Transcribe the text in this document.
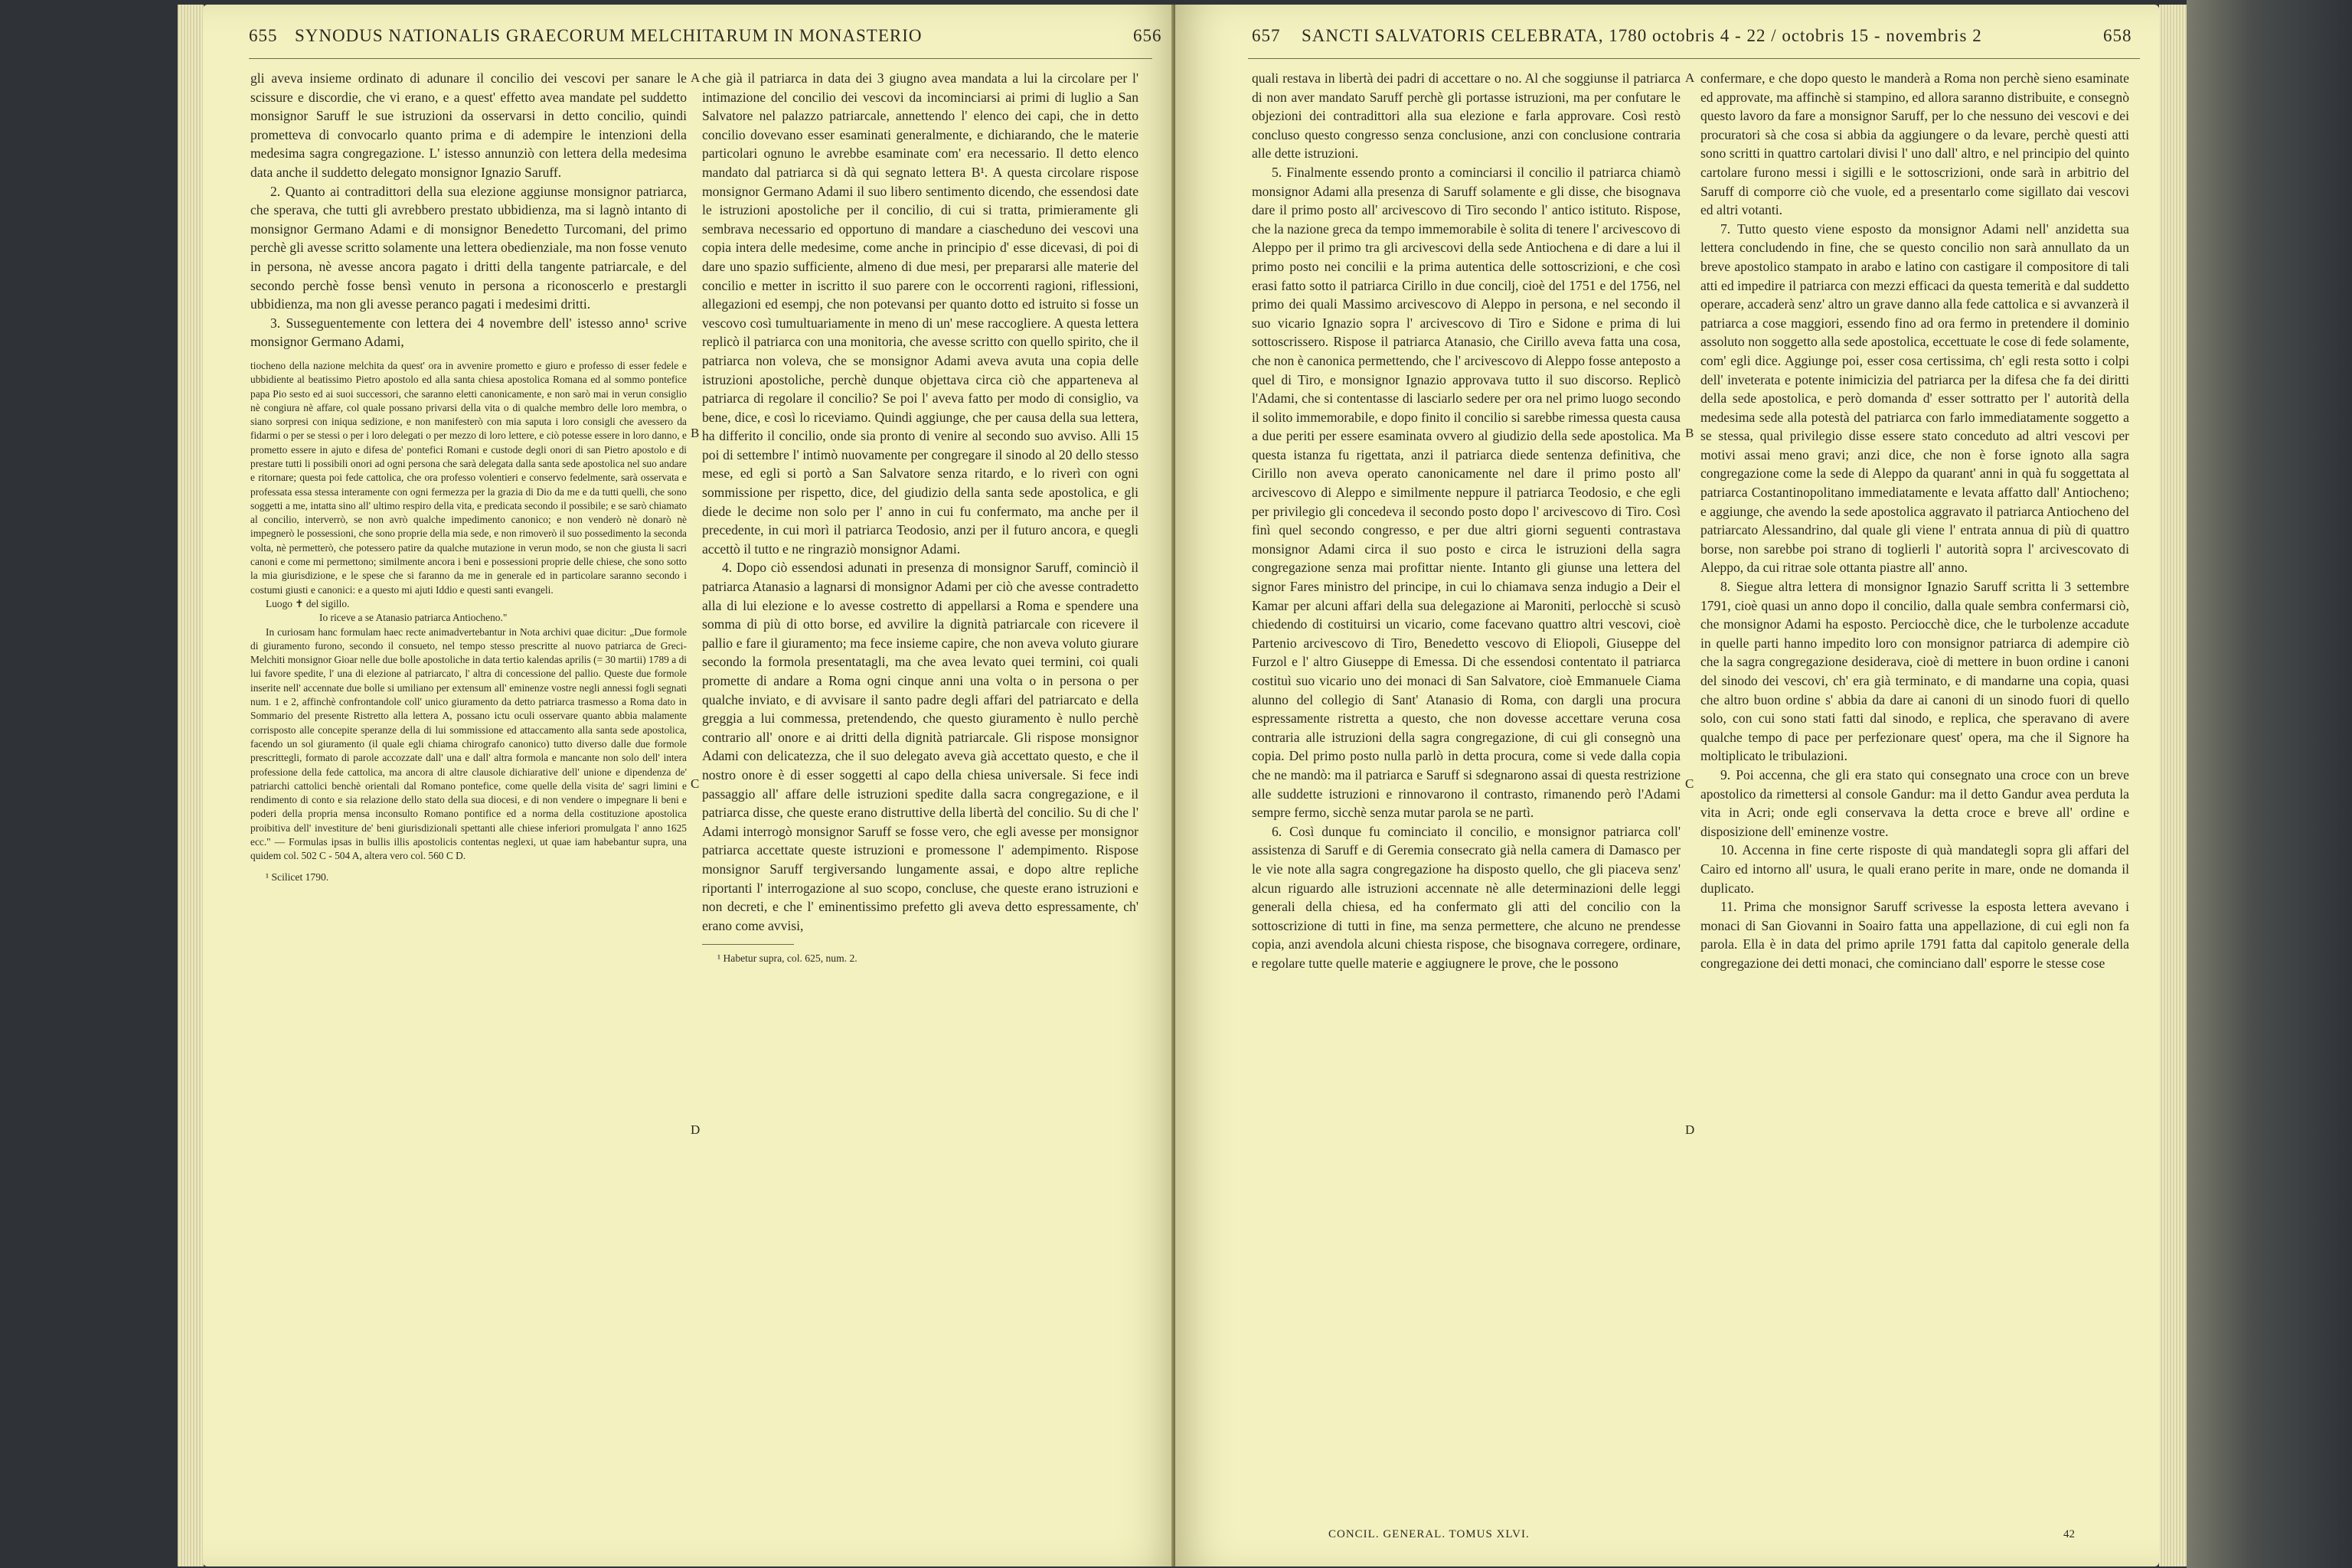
655 SYNODUS NATIONALIS GRAECORUM MELCHITARUM IN MONASTERIO	656

gli aveva insieme ordinato di adunare il concilio dei vescovi per sanare le scissure e discordie, che vi erano, e a quest' effetto avea mandate pel suddetto monsignor Saruff le sue istruzioni da osservarsi in detto concilio, quindi prometteva di convocarlo quanto prima e di adempire le intenzioni della medesima sagra congregazione. L' istesso annunziò con lettera della medesima data anche il suddetto delegato monsignor Ignazio Saruff.

2. Quanto ai contradittori della sua elezione aggiunse monsignor patriarca, che sperava, che tutti gli avrebbero prestato ubbidienza, ma si lagnò intanto di monsignor Germano Adami e di monsignor Benedetto Turcomani, del primo perchè gli avesse scritto solamente una lettera obedienziale, ma non fosse venuto in persona, nè avesse ancora pagato i dritti della tangente patriarcale, e del secondo perchè fosse bensì venuto in persona a riconoscerlo e prestargli ubbidienza, ma non gli avesse peranco pagati i medesimi dritti.

3. Susseguentemente con lettera dei 4 novembre dell' istesso anno¹ scrive monsignor Germano Adami,

tiocheno della nazione melchita da quest' ora in avvenire prometto e giuro e professo di esser fedele e ubbidiente al beatissimo Pietro apostolo ed alla santa chiesa apostolica Romana ed al sommo pontefice papa Pio sesto ed ai suoi successori, che saranno eletti canonicamente, e non sarò mai in verun consiglio nè congiura nè affare, col quale possano privarsi della vita o di qualche membro delle loro membra, o siano sorpresi con iniqua sedizione, e non manifesterò con mia saputa i loro consigli che avessero da fidarmi o per se stessi o per i loro delegati o per mezzo di loro lettere, e ciò potesse essere in loro danno, e prometto essere in ajuto e difesa de' pontefici Romani e custode degli onori di san Pietro apostolo e di prestare tutti li possibili onori ad ogni persona che sarà delegata dalla santa sede apostolica nel suo andare e ritornare; questa poi fede cattolica, che ora professo volentieri e conservo fedelmente, sarà osservata e professata essa stessa interamente con ogni fermezza per la grazia di Dio da me e da tutti quelli, che sono soggetti a me, intatta sino all' ultimo respiro della vita, e predicata secondo il possibile; e se sarò chiamato al concilio, interverrò, se non avrò qualche impedimento canonico; e non venderò nè donarò nè impegnerò le possessioni, che sono proprie della mia sede, e non rimoverò il suo possedimento la seconda volta, nè permetterò, che potessero patire da qualche mutazione in verun modo, se non che giusta li sacri canoni e come mi permettono; similmente ancora i beni e possessioni proprie delle chiese, che sono sotto la mia giurisdizione, e le spese che si faranno da me in generale ed in particolare saranno secondo i costumi giusti e canonici: e a questo mi ajuti Iddio e questi santi evangeli.

Luogo ✝ del sigillo.

Io riceve a se Atanasio patriarca Antiocheno."

In curiosam hanc formulam haec recte animadvertebantur in Nota archivi quae dicitur: „Due formole di giuramento furono, secondo il consueto, nel tempo stesso prescritte al nuovo patriarca de Greci-Melchiti monsignor Gioar nelle due bolle apostoliche in data tertio kalendas aprilis (= 30 martii) 1789 a di lui favore spedite, l' una di elezione al patriarcato, l' altra di concessione del pallio. Queste due formole inserite nell' accennate due bolle si umiliano per extensum all' eminenze vostre negli annessi fogli segnati num. 1 e 2, affinchè confrontandole coll' unico giuramento da detto patriarca trasmesso a Roma dato in Sommario del presente Ristretto alla lettera A, possano ictu oculi osservare quanto abbia malamente corrisposto alle concepite speranze della di lui sommissione ed attaccamento alla santa sede apostolica, facendo un sol giuramento (il quale egli chiama chirografo canonico) tutto diverso dalle due formole prescrittegli, formato di parole accozzate dall' una e dall' altra formola e mancante non solo dell' intera professione della fede cattolica, ma ancora di altre clausole dichiarative dell' unione e dipendenza de' patriarchi cattolici benchè orientali dal Romano pontefice, come quelle della visita de' sagri limini e rendimento di conto e sia relazione dello stato della sua diocesi, e di non vendere o impegnare li beni e poderi della propria mensa inconsulto Romano pontifice ed a norma della costituzione apostolica proibitiva dell' investiture de' beni giurisdizionali spettanti alle chiese inferiori promulgata l' anno 1625 ecc." — Formulas ipsas in bullis illis apostolicis contentas neglexi, ut quae iam habebantur supra, una quidem col. 502 C - 504 A, altera vero col. 560 C D.

¹ Scilicet 1790.

che già il patriarca in data dei 3 giugno avea mandata a lui la circolare per l' intimazione del concilio dei vescovi da incominciarsi ai primi di luglio a San Salvatore nel palazzo patriarcale, annettendo l' elenco dei capi, che in detto concilio dovevano esser esaminati generalmente, e dichiarando, che le materie particolari ognuno le avrebbe esaminate com' era necessario. Il detto elenco mandato dal patriarca si dà qui segnato lettera B¹. A questa circolare rispose monsignor Germano Adami il suo libero sentimento dicendo, che essendosi date le istruzioni apostoliche per il concilio, di cui si tratta, primieramente gli sembrava necessario ed opportuno di mandare a ciascheduno dei vescovi una copia intera delle medesime, come anche in principio d' esse dicevasi, di poi di dare uno spazio sufficiente, almeno di due mesi, per prepararsi alle materie del concilio e metter in iscritto il suo parere con le occorrenti ragioni, riflessioni, allegazioni ed esempj, che non potevansi per quanto dotto ed istruito si fosse un vescovo così tumultuariamente in meno di un' mese raccogliere. A questa lettera replicò il patriarca con una monitoria, che avesse scritto con quello spirito, che il patriarca non voleva, che se monsignor Adami aveva avuta una copia delle istruzioni apostoliche, perchè dunque objettava circa ciò che apparteneva al patriarca di regolare il concilio? Se poi l' aveva fatto per modo di consiglio, va bene, dice, e così lo riceviamo. Quindi aggiunge, che per causa della sua lettera, ha differito il concilio, onde sia pronto di venire al secondo suo avviso. Alli 15 poi di settembre l' intimò nuovamente per congregare il sinodo al 20 dello stesso mese, ed egli si portò a San Salvatore senza ritardo, e lo riverì con ogni sommissione per rispetto, dice, del giudizio della santa sede apostolica, e gli diede le decime non solo per l' anno in cui fu confermato, ma anche per il precedente, in cui morì il patriarca Teodosio, anzi per il futuro ancora, e quegli accettò il tutto e ne ringraziò monsignor Adami.

4. Dopo ciò essendosi adunati in presenza di monsignor Saruff, cominciò il patriarca Atanasio a lagnarsi di monsignor Adami per ciò che avesse contradetto alla di lui elezione e lo avesse costretto di appellarsi a Roma e spendere una somma di più di otto borse, ed avvilire la dignità patriarcale con ricevere il pallio e fare il giuramento; ma fece insieme capire, che non aveva voluto giurare secondo la formola presentatagli, ma che avea levato quei termini, coi quali promette di andare a Roma ogni cinque anni una volta o in persona o per qualche inviato, e di avvisare il santo padre degli affari del patriarcato e della greggia a lui commessa, pretendendo, che questo giuramento è nullo perchè contrario all' onore e ai dritti della dignità patriarcale. Gli rispose monsignor Adami con delicatezza, che il suo delegato aveva già accettato questo, e che il nostro onore è di esser soggetti al capo della chiesa universale. Si fece indi passaggio all' affare delle istruzioni spedite dalla sacra congregazione, e il patriarca disse, che queste erano distruttive della libertà del concilio. Su di che l' Adami interrogò monsignor Saruff se fosse vero, che egli avesse per monsignor patriarca accettate queste istruzioni e promessone l' adempimento. Rispose monsignor Saruff tergiversando lungamente assai, e dopo altre repliche riportanti l' interrogazione al suo scopo, concluse, che queste erano istruzioni e non decreti, e che l' eminentissimo prefetto gli aveva detto espressamente, ch' erano come avvisi,

¹ Habetur supra, col. 625, num. 2.
A
B
C
D
657 SANCTI SALVATORIS CELEBRATA, 1780 octobris 4 - 22 / octobris 15 - novembris 2	658

quali restava in libertà dei padri di accettare o no. Al che soggiunse il patriarca di non aver mandato Saruff perchè gli portasse istruzioni, ma per confutare le objezioni dei contradittori alla sua elezione e farla approvare. Così restò concluso questo congresso senza conclusione, anzi con conclusione contraria alle dette istruzioni.

5. Finalmente essendo pronto a cominciarsi il concilio il patriarca chiamò monsignor Adami alla presenza di Saruff solamente e gli disse, che bisognava dare il primo posto all' arcivescovo di Tiro secondo l' antico istituto. Rispose, che la nazione greca da tempo immemorabile è solita di tenere l' arcivescovo di Aleppo per il primo tra gli arcivescovi della sede Antiochena e di dare a lui il primo posto nei concilii e la prima autentica delle sottoscrizioni, e che così erasi fatto sotto il patriarca Cirillo in due concilj, cioè del 1751 e del 1756, nel primo dei quali Massimo arcivescovo di Aleppo in persona, e nel secondo il suo vicario Ignazio sopra l' arcivescovo di Tiro e Sidone e prima di lui sottoscrissero. Rispose il patriarca Atanasio, che Cirillo aveva fatta una cosa, che non è canonica permettendo, che l' arcivescovo di Aleppo fosse anteposto a quel di Tiro, e monsignor Ignazio approvava tutto il suo discorso. Replicò l'Adami, che si contentasse di lasciarlo sedere per ora nel primo luogo secondo il solito immemorabile, e dopo finito il concilio si sarebbe rimessa questa causa a due periti per essere esaminata ovvero al giudizio della sede apostolica. Ma questa istanza fu rigettata, anzi il patriarca diede sentenza definitiva, che Cirillo non aveva operato canonicamente nel dare il primo posto all' arcivescovo di Aleppo e similmente neppure il patriarca Teodosio, e che egli per privilegio gli concedeva il secondo posto dopo l' arcivescovo di Tiro. Così finì quel secondo congresso, e per due altri giorni seguenti contrastava monsignor Adami circa il suo posto e circa le istruzioni della sagra congregazione senza mai profittar niente. Intanto gli giunse una lettera del signor Fares ministro del principe, in cui lo chiamava senza indugio a Deir el Kamar per alcuni affari della sua delegazione ai Maroniti, perlocchè si scusò chiedendo di costituirsi un vicario, come facevano quattro altri vescovi, cioè Partenio arcivescovo di Tiro, Benedetto vescovo di Eliopoli, Giuseppe del Furzol e l' altro Giuseppe di Emessa. Di che essendosi contentato il patriarca costituì suo vicario uno dei monaci di San Salvatore, cioè Emmanuele Ciama alunno del collegio di Sant' Atanasio di Roma, con dargli una procura espressamente ristretta a questo, che non dovesse accettare veruna cosa contraria alle istruzioni della sagra congregazione, di cui gli consegnò una copia. Del primo posto nulla parlò in detta procura, come si vede dalla copia che ne mandò: ma il patriarca e Saruff si sdegnarono assai di questa restrizione alle suddette istruzioni e rinnovarono il contrasto, rimanendo però l'Adami sempre fermo, sicchè senza mutar parola se ne partì.

6. Così dunque fu cominciato il concilio, e monsignor patriarca coll' assistenza di Saruff e di Geremia consecrato già nella camera di Damasco per le vie note alla sagra congregazione ha disposto quello, che gli piaceva senz' alcun riguardo alle istruzioni accennate nè alle determinazioni delle leggi generali della chiesa, ed ha confermato gli atti del concilio con la sottoscrizione di tutti in fine, ma senza permettere, che alcuno ne prendesse copia, anzi avendola alcuni chiesta rispose, che bisognava corregere, ordinare, e regolare tutte quelle materie e aggiugnere le prove, che le possono

confermare, e che dopo questo le manderà a Roma non perchè sieno esaminate ed approvate, ma affinchè si stampino, ed allora saranno distribuite, e consegnò questo lavoro da fare a monsignor Saruff, per lo che nessuno dei vescovi e dei procuratori sà che cosa si abbia da aggiungere o da levare, perchè questi atti sono scritti in quattro cartolari divisi l' uno dall' altro, e nel principio del quinto cartolare furono messi i sigilli e le sottoscrizioni, onde sarà in arbitrio del Saruff di comporre ciò che vuole, ed a presentarlo come sigillato dai vescovi ed altri votanti.

7. Tutto questo viene esposto da monsignor Adami nell' anzidetta sua lettera concludendo in fine, che se questo concilio non sarà annullato da un breve apostolico stampato in arabo e latino con castigare il compositore di tali atti ed impedire il patriarca con mezzi efficaci da questa temerità e dal suddetto operare, accaderà senz' altro un grave danno alla fede cattolica e si avvanzerà il patriarca a cose maggiori, essendo fino ad ora fermo in pretendere il dominio assoluto non soggetto alla sede apostolica, eccettuate le cose di fede solamente, com' egli dice. Aggiunge poi, esser cosa certissima, ch' egli resta sotto i colpi dell' inveterata e potente inimicizia del patriarca per la difesa che fa dei diritti della sede apostolica, e però domanda d' esser sottratto per l' autorità della medesima sede alla potestà del patriarca con farlo immediatamente soggetto a se stessa, qual privilegio disse essere stato conceduto ad altri vescovi per motivi assai meno gravi; anzi dice, che non è forse ignoto alla sagra congregazione come la sede di Aleppo da quarant' anni in quà fu soggettata al patriarca Costantinopolitano immediatamente e levata affatto dall' Antiocheno; e aggiunge, che avendo la sede apostolica aggravato il patriarca Antiocheno del patriarcato Alessandrino, dal quale gli viene l' entrata annua di più di quattro borse, non sarebbe poi strano di toglierli l' autorità sopra l' arcivescovato di Aleppo, da cui ritrae sole ottanta piastre all' anno.

8. Siegue altra lettera di monsignor Ignazio Saruff scritta li 3 settembre 1791, cioè quasi un anno dopo il concilio, dalla quale sembra confermarsi ciò, che monsignor Adami ha esposto. Perciocchè dice, che le turbolenze accadute in quelle parti hanno impedito loro con monsignor patriarca di adempire ciò che la sagra congregazione desiderava, cioè di mettere in buon ordine i canoni del sinodo dei vescovi, ch' era già terminato, e di mandarne una copia, quasi che altro buon ordine s' abbia da dare ai canoni di un sinodo fuori di quello solo, con cui sono stati fatti dal sinodo, e replica, che speravano di avere qualche tempo di pace per perfezionare quest' opera, ma che il Signore ha moltiplicato le tribulazioni.

9. Poi accenna, che gli era stato qui consegnato una croce con un breve apostolico da rimettersi al console Gandur: ma il detto Gandur avea perduta la vita in Acri; onde egli conservava la detta croce e breve all' ordine e disposizione dell' eminenze vostre.

10. Accenna in fine certe risposte di quà mandategli sopra gli affari del Cairo ed intorno all' usura, le quali erano perite in mare, onde ne domanda il duplicato.

11. Prima che monsignor Saruff scrivesse la esposta lettera avevano i monaci di San Giovanni in Soairo fatta una appellazione, di cui egli non fa parola. Ella è in data del primo aprile 1791 fatta dal capitolo generale della congregazione dei detti monaci, che cominciano dall' esporre le stesse cose

A
B
C
D
CONCIL. GENERAL. TOMUS XLVI.	42
